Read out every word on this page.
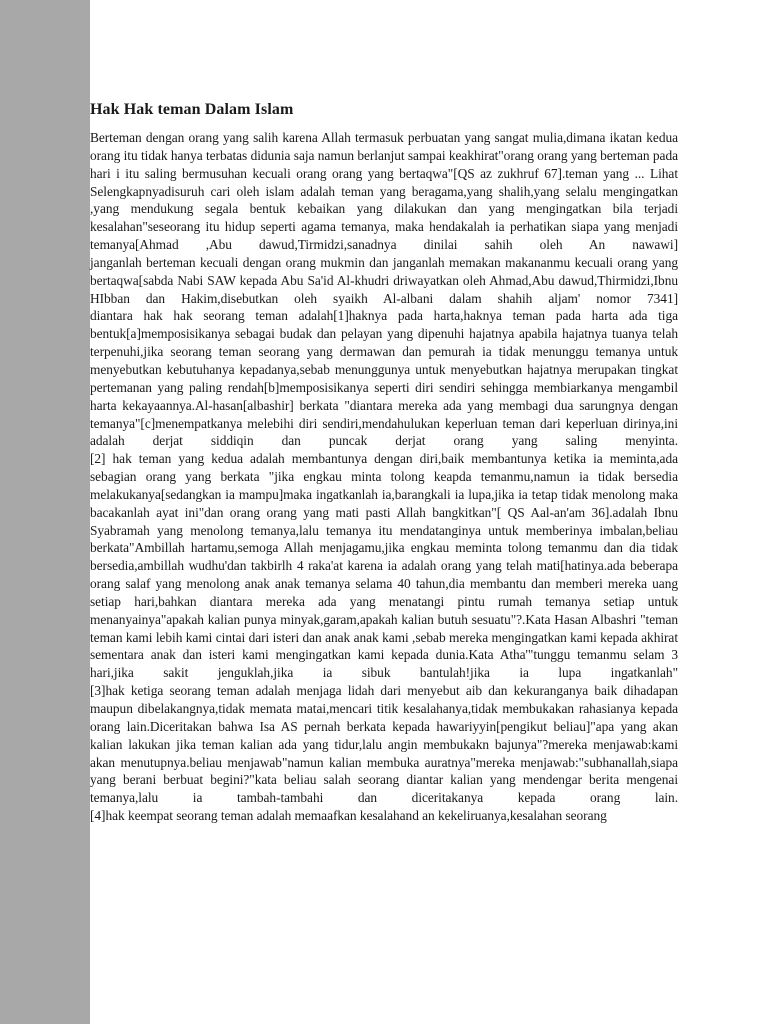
Hak Hak teman Dalam Islam

Berteman dengan orang yang salih karena Allah termasuk perbuatan yang sangat mulia,dimana ikatan kedua orang itu tidak hanya terbatas didunia saja namun berlanjut sampai keakhirat"orang orang yang berteman pada hari i itu saling bermusuhan kecuali orang orang yang bertaqwa"[QS az zukhruf 67].teman yang ... Lihat Selengkapnyadisuruh cari oleh islam adalah teman yang beragama,yang shalih,yang selalu mengingatkan ,yang mendukung segala bentuk kebaikan yang dilakukan dan yang mengingatkan bila terjadi kesalahan"seseorang itu hidup seperti agama temanya, maka hendakalah ia perhatikan siapa yang menjadi temanya[Ahmad ,Abu dawud,Tirmidzi,sanadnya dinilai sahih oleh An nawawi]

janganlah berteman kecuali dengan orang mukmin dan janganlah memakan makananmu kecuali orang yang bertaqwa[sabda Nabi SAW kepada Abu Sa'id Al-khudri driwayatkan oleh Ahmad,Abu dawud,Thirmidzi,Ibnu HIbban dan Hakim,disebutkan oleh syaikh Al-albani dalam shahih aljam' nomor 7341]

diantara hak hak seorang teman adalah[1]haknya pada harta,haknya teman pada harta ada tiga bentuk[a]memposisikanya sebagai budak dan pelayan yang dipenuhi hajatnya apabila hajatnya tuanya telah terpenuhi,jika seorang teman seorang yang dermawan dan pemurah ia tidak menunggu temanya untuk menyebutkan kebutuhanya kepadanya,sebab menunggunya untuk menyebutkan hajatnya merupakan tingkat pertemanan yang paling rendah[b]memposisikanya seperti diri sendiri sehingga membiarkanya mengambil harta kekayaannya.Al-hasan[albashir] berkata "diantara mereka ada yang membagi dua sarungnya dengan temanya"[c]menempatkanya melebihi diri sendiri,mendahulukan keperluan teman dari keperluan dirinya,ini adalah derjat siddiqin dan puncak derjat orang yang saling menyinta.

[2] hak teman yang kedua adalah membantunya dengan diri,baik membantunya ketika ia meminta,ada sebagian orang yang berkata "jika engkau minta tolong keapda temanmu,namun ia tidak bersedia melakukanya[sedangkan ia mampu]maka ingatkanlah ia,barangkali ia lupa,jika ia tetap tidak menolong maka bacakanlah ayat ini"dan orang orang yang mati pasti Allah bangkitkan"[ QS Aal-an'am 36].adalah Ibnu Syabramah yang menolong temanya,lalu temanya itu mendatanginya untuk memberinya imbalan,beliau berkata"Ambillah hartamu,semoga Allah menjagamu,jika engkau meminta tolong temanmu dan dia tidak bersedia,ambillah wudhu'dan takbirlh 4 raka'at karena ia adalah orang yang telah mati[hatinya.ada beberapa orang salaf yang menolong anak anak temanya selama 40 tahun,dia membantu dan memberi mereka uang setiap hari,bahkan diantara mereka ada yang menatangi pintu rumah temanya setiap untuk menanyainya"apakah kalian punya minyak,garam,apakah kalian butuh sesuatu"?.Kata Hasan Albashri "teman teman kami lebih kami cintai dari isteri dan anak anak kami ,sebab mereka mengingatkan kami kepada akhirat sementara anak dan isteri kami mengingatkan kami kepada dunia.Kata Atha'"tunggu temanmu selam 3 hari,jika sakit jenguklah,jika ia sibuk bantulah!jika ia lupa ingatkanlah"

[3]hak ketiga seorang teman adalah menjaga lidah dari menyebut aib dan kekuranganya baik dihadapan maupun dibelakangnya,tidak memata matai,mencari titik kesalahanya,tidak membukakan rahasianya kepada orang lain.Diceritakan bahwa Isa AS pernah berkata kepada hawariyyin[pengikut beliau]"apa yang akan kalian lakukan jika teman kalian ada yang tidur,lalu angin membukakn bajunya"?mereka menjawab:kami akan menutupnya.beliau menjawab"namun kalian membuka auratnya"mereka menjawab:"subhanallah,siapa yang berani berbuat begini?"kata beliau salah seorang diantar kalian yang mendengar berita mengenai temanya,lalu ia tambah-tambahi dan diceritakanya kepada orang lain.

[4]hak keempat seorang teman adalah memaafkan kesalahand an kekeliruanya,kesalahan seorang
